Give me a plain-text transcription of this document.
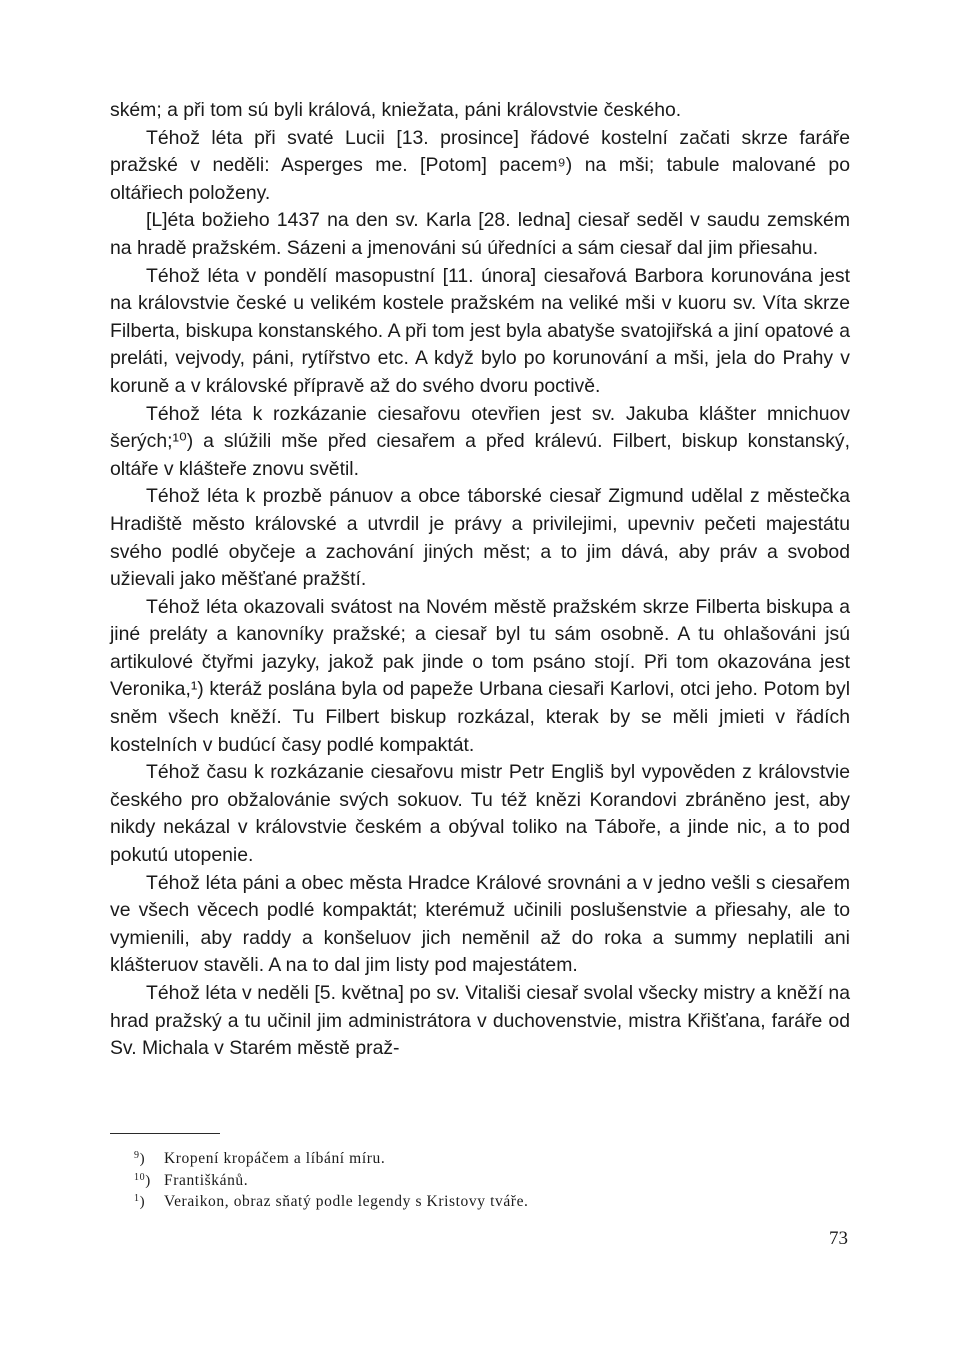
ském; a při tom sú byli králová, kniežata, páni královstvie českého.

Téhož léta při svaté Lucii [13. prosince] řádové kostelní začati skrze faráře pražské v neděli: Asperges me. [Potom] pacem⁹) na mši; tabule malované po oltářiech položeny.

[L]éta božieho 1437 na den sv. Karla [28. ledna] ciesař seděl v saudu zemském na hradě pražském. Sázeni a jmenováni sú úředníci a sám ciesař dal jim přiesahu.

Téhož léta v pondělí masopustní [11. února] ciesařová Barbora korunována jest na královstvie české u velikém kostele pražském na veliké mši v kuoru sv. Víta skrze Filberta, biskupa konstanského. A při tom jest byla abatyše svatojiřská a jiní opatové a preláti, vejvody, páni, rytířstvo etc. A když bylo po korunování a mši, jela do Prahy v koruně a v královské přípravě až do svého dvoru poctivě.

Téhož léta k rozkázanie ciesařovu otevřien jest sv. Jakuba klášter mnichuov šerých;¹⁰) a slúžili mše před ciesařem a před králevú. Filbert, biskup konstanský, oltáře v klášteře znovu světil.

Téhož léta k prozbě pánuov a obce táborské ciesař Zigmund udělal z městečka Hradiště město královské a utvrdil je právy a privilejimi, upevniv pečeti majestátu svého podlé obyčeje a zachování jiných měst; a to jim dává, aby práv a svobod užievali jako měšťané pražští.

Téhož léta okazovali svátost na Novém městě pražském skrze Filberta biskupa a jiné preláty a kanovníky pražské; a ciesař byl tu sám osobně. A tu ohlašováni jsú artikulové čtyřmi jazyky, jakož pak jinde o tom psáno stojí. Při tom okazována jest Veronika,¹) kteráž poslána byla od papeže Urbana ciesaři Karlovi, otci jeho. Potom byl sněm všech kněží. Tu Filbert biskup rozkázal, kterak by se měli jmieti v řádích kostelních v budúcí časy podlé kompaktát.

Téhož času k rozkázanie ciesařovu mistr Petr Engliš byl vypověden z královstvie českého pro obžalovánie svých sokuov. Tu též knězi Korandovi zbráněno jest, aby nikdy nekázal v královstvie českém a obýval toliko na Táboře, a jinde nic, a to pod pokutú utopenie.

Téhož léta páni a obec města Hradce Králové srovnáni a v jedno vešli s ciesařem ve všech věcech podlé kompaktát; kterémuž učinili poslušenstvie a přiesahy, ale to vymienili, aby raddy a konšeluov jich neměnil až do roka a summy neplatili ani klášteruov stavěli. A na to dal jim listy pod majestátem.

Téhož léta v neděli [5. května] po sv. Vitališi ciesař svolal všecky mistry a kněží na hrad pražský a tu učinil jim administrátora v duchovenstvie, mistra Křišťana, faráře od Sv. Michala v Starém městě praž-

$^9$) Kropení kropáčem a líbání míru.

$^{10}$) Františkánů.

$^1$) Veraikon, obraz sňatý podle legendy s Kristovy tváře.

73
